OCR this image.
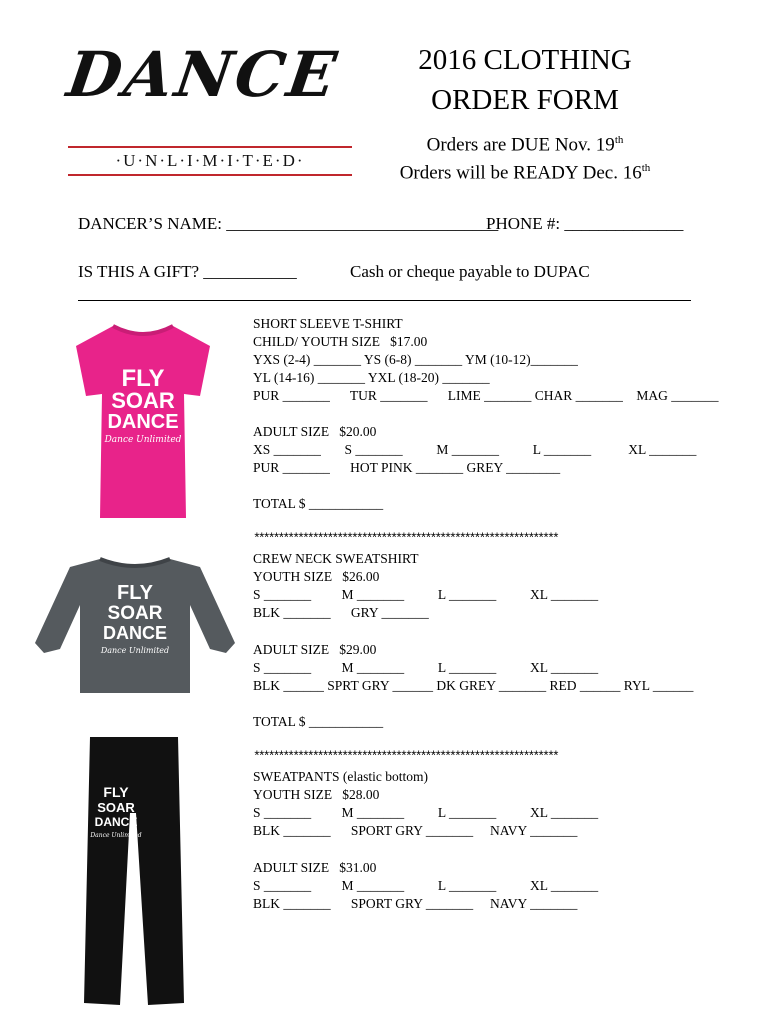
DANCE
·U·N·L·I·M·I·T·E·D·
2016 CLOTHING
ORDER FORM
Orders are DUE Nov. 19th
Orders will be READY Dec. 16th
DANCER’S NAME: ________________________________
PHONE #: ______________
IS THIS A GIFT? ___________	Cash or cheque payable to DUPAC
FLY
SOAR
DANCE
Dance Unlimited
FLY
SOAR
DANCE
Dance Unlimited
FLY
SOAR
DANCE
Dance Unlimited
SHORT SLEEVE T-SHIRT
CHILD/ YOUTH SIZE   $17.00
YXS (2-4) _______ YS (6-8) _______ YM (10-12)_______
YL (14-16) _______ YXL (18-20) _______
PUR _______      TUR _______      LIME _______ CHAR _______    MAG _______
ADULT SIZE   $20.00
XS _______       S _______          M _______          L _______           XL _______
PUR _______      HOT PINK _______ GREY ________
TOTAL $ ___________
**************************************************************
CREW NECK SWEATSHIRT
YOUTH SIZE   $26.00
S _______         M _______          L _______          XL _______
BLK _______      GRY _______
ADULT SIZE   $29.00
S _______         M _______          L _______          XL _______
BLK ______ SPRT GRY ______ DK GREY _______ RED ______ RYL ______
TOTAL $ ___________
**************************************************************
SWEATPANTS (elastic bottom)
YOUTH SIZE   $28.00
S _______         M _______          L _______          XL _______
BLK _______      SPORT GRY _______     NAVY _______
ADULT SIZE   $31.00
S _______         M _______          L _______          XL _______
BLK _______      SPORT GRY _______     NAVY _______
